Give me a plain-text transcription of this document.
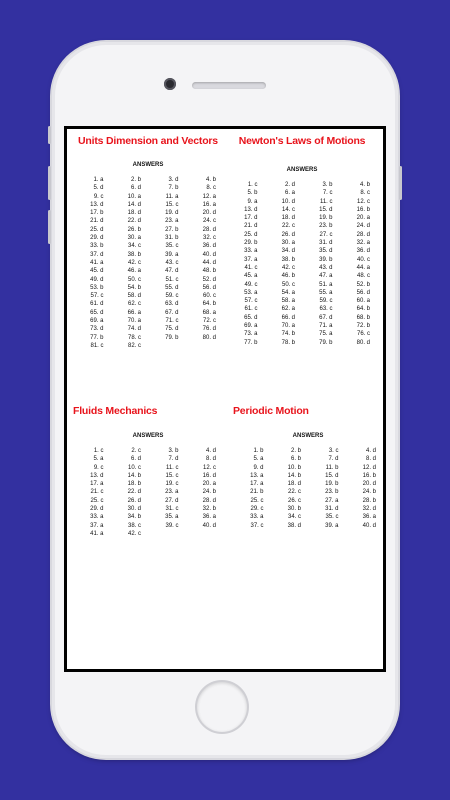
Units Dimension and Vectors
ANSWERS
1. a	2. b	3. d	4. b
5. d	6. d	7. b	8. c
9. c	10. a	11. a	12. a
13. d	14. d	15. c	16. a
17. b	18. d	19. d	20. d
21. d	22. d	23. a	24. c
25. d	26. b	27. b	28. d
29. d	30. a	31. b	32. c
33. b	34. c	35. c	36. d
37. d	38. b	39. a	40. d
41. a	42. c	43. c	44. d
45. d	46. a	47. d	48. b
49. d	50. c	51. c	52. d
53. b	54. b	55. d	56. d
57. c	58. d	59. c	60. c
61. d	62. c	63. d	64. b
65. d	66. a	67. d	68. a
69. a	70. a	71. c	72. c
73. d	74. d	75. d	76. d
77. b	78. c	79. b	80. d
81. c	82. c
Newton's Laws of Motions
ANSWERS
1. c	2. d	3. b	4. b
5. b	6. a	7. c	8. c
9. a	10. d	11. c	12. c
13. d	14. c	15. d	16. b
17. d	18. d	19. b	20. a
21. d	22. c	23. b	24. d
25. d	26. d	27. c	28. d
29. b	30. a	31. d	32. a
33. a	34. d	35. d	36. d
37. a	38. b	39. b	40. c
41. c	42. c	43. d	44. a
45. a	46. b	47. a	48. c
49. c	50. c	51. a	52. b
53. a	54. a	55. a	56. d
57. c	58. a	59. c	60. a
61. c	62. a	63. c	64. b
65. d	66. d	67. d	68. b
69. a	70. a	71. a	72. b
73. a	74. b	75. a	76. c
77. b	78. b	79. b	80. d
Fluids Mechanics
ANSWERS
1. c	2. c	3. b	4. d
5. a	6. d	7. d	8. d
9. c	10. c	11. c	12. c
13. d	14. b	15. c	16. d
17. a	18. b	19. c	20. a
21. c	22. d	23. a	24. b
25. c	26. d	27. d	28. d
29. d	30. d	31. c	32. b
33. a	34. b	35. a	36. a
37. a	38. c	39. c	40. d
41. a	42. c
Periodic Motion
ANSWERS
1. b	2. b	3. c	4. d
5. a	6. b	7. d	8. d
9. d	10. b	11. b	12. d
13. a	14. b	15. d	16. b
17. a	18. d	19. b	20. d
21. b	22. c	23. b	24. b
25. c	26. c	27. a	28. b
29. c	30. b	31. d	32. d
33. a	34. c	35. c	36. a
37. c	38. d	39. a	40. d
